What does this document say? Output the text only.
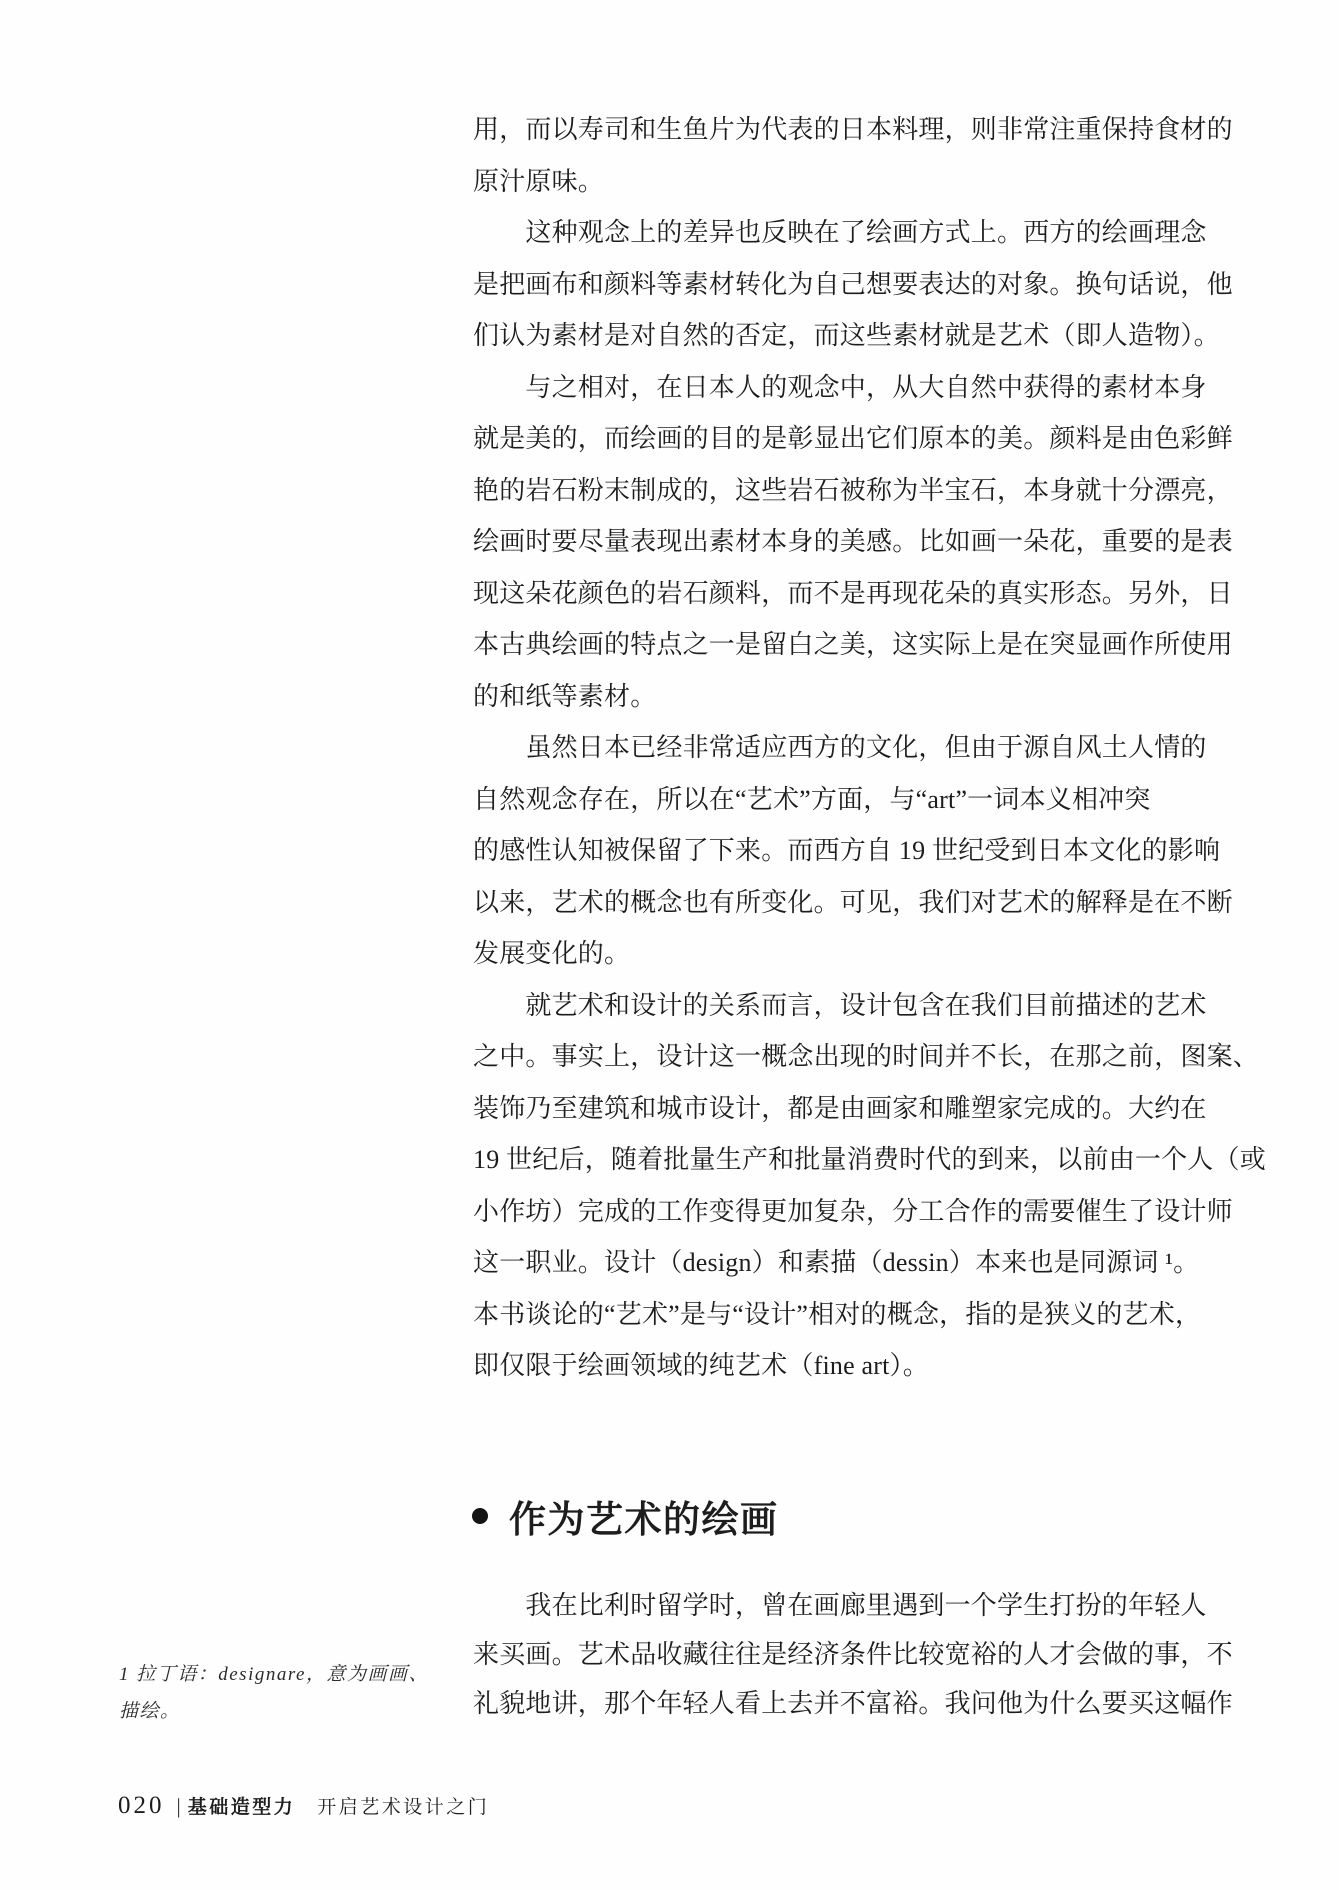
用，而以寿司和生鱼片为代表的日本料理，则非常注重保持食材的
原汁原味。
　　这种观念上的差异也反映在了绘画方式上。西方的绘画理念
是把画布和颜料等素材转化为自己想要表达的对象。换句话说，他
们认为素材是对自然的否定，而这些素材就是艺术（即人造物）。
　　与之相对，在日本人的观念中，从大自然中获得的素材本身
就是美的，而绘画的目的是彰显出它们原本的美。颜料是由色彩鲜
艳的岩石粉末制成的，这些岩石被称为半宝石，本身就十分漂亮，
绘画时要尽量表现出素材本身的美感。比如画一朵花，重要的是表
现这朵花颜色的岩石颜料，而不是再现花朵的真实形态。另外，日
本古典绘画的特点之一是留白之美，这实际上是在突显画作所使用
的和纸等素材。
　　虽然日本已经非常适应西方的文化，但由于源自风土人情的
自然观念存在，所以在“艺术”方面，与“art”一词本义相冲突
的感性认知被保留了下来。而西方自 19 世纪受到日本文化的影响
以来，艺术的概念也有所变化。可见，我们对艺术的解释是在不断
发展变化的。
　　就艺术和设计的关系而言，设计包含在我们目前描述的艺术
之中。事实上，设计这一概念出现的时间并不长，在那之前，图案、
装饰乃至建筑和城市设计，都是由画家和雕塑家完成的。大约在
19 世纪后，随着批量生产和批量消费时代的到来，以前由一个人（或
小作坊）完成的工作变得更加复杂，分工合作的需要催生了设计师
这一职业。设计（design）和素描（dessin）本来也是同源词 ¹。
本书谈论的“艺术”是与“设计”相对的概念，指的是狭义的艺术，
即仅限于绘画领域的纯艺术（fine art）。
作为艺术的绘画
　　我在比利时留学时，曾在画廊里遇到一个学生打扮的年轻人
来买画。艺术品收藏往往是经济条件比较宽裕的人才会做的事，不
礼貌地讲，那个年轻人看上去并不富裕。我问他为什么要买这幅作
1 拉丁语：designare，意为画画、
描绘。
020 | 基础造型力 开启艺术设计之门
